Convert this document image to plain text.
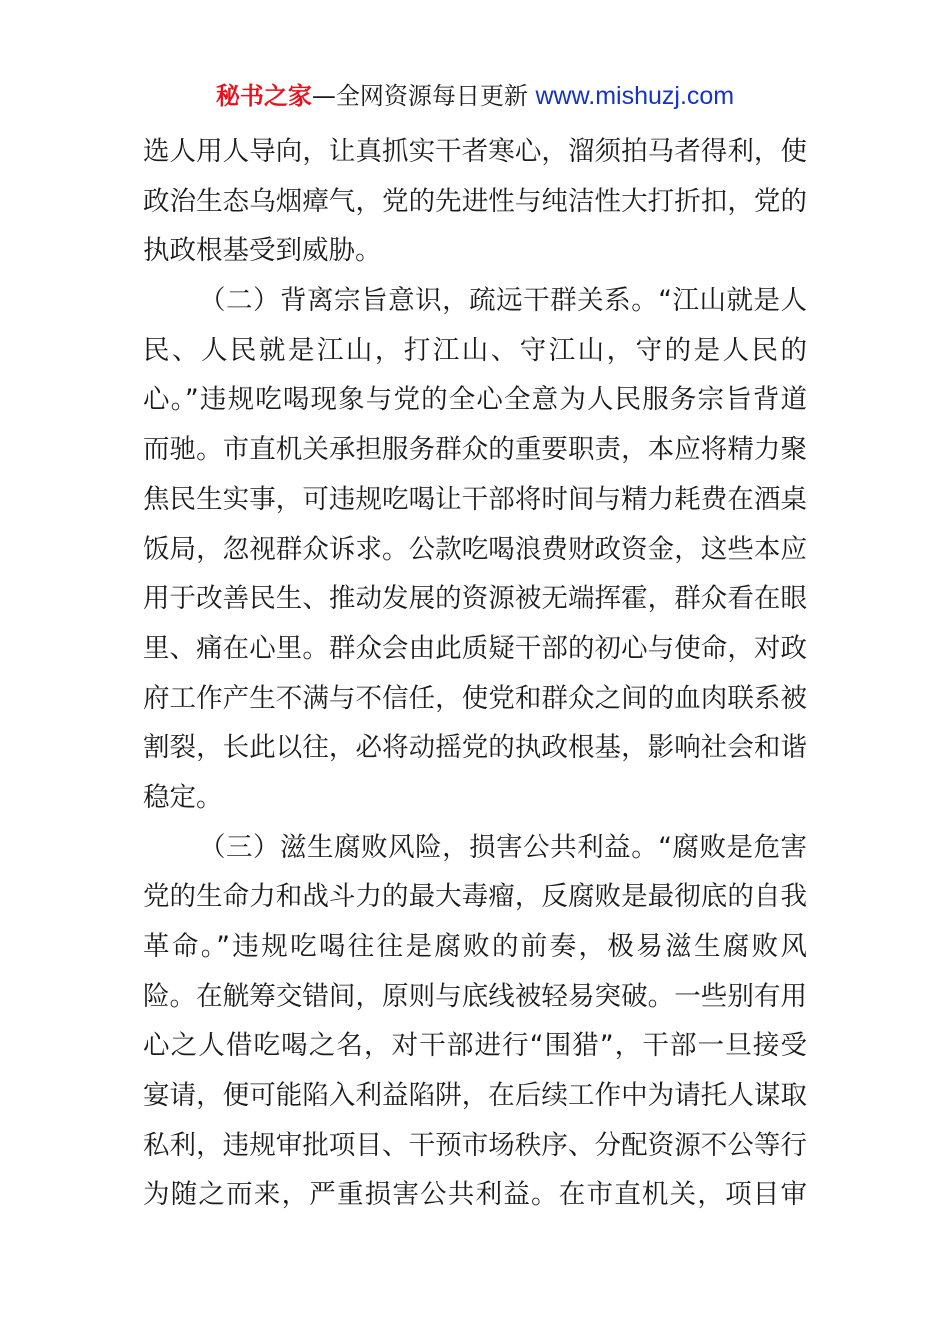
秘书之家—全网资源每日更新 www.mishuzj.com
选人用人导向，让真抓实干者寒心，溜须拍马者得利，使
政治生态乌烟瘴气，党的先进性与纯洁性大打折扣，党的
执政根基受到威胁。
（二）背离宗旨意识，疏远干群关系。“江山就是人
民、人民就是江山，打江山、守江山，守的是人民的
心。”违规吃喝现象与党的全心全意为人民服务宗旨背道
而驰。市直机关承担服务群众的重要职责，本应将精力聚
焦民生实事，可违规吃喝让干部将时间与精力耗费在酒桌
饭局，忽视群众诉求。公款吃喝浪费财政资金，这些本应
用于改善民生、推动发展的资源被无端挥霍，群众看在眼
里、痛在心里。群众会由此质疑干部的初心与使命，对政
府工作产生不满与不信任，使党和群众之间的血肉联系被
割裂，长此以往，必将动摇党的执政根基，影响社会和谐
稳定。
（三）滋生腐败风险，损害公共利益。“腐败是危害
党的生命力和战斗力的最大毒瘤，反腐败是最彻底的自我
革命。”违规吃喝往往是腐败的前奏，极易滋生腐败风
险。在觥筹交错间，原则与底线被轻易突破。一些别有用
心之人借吃喝之名，对干部进行“围猎”，干部一旦接受
宴请，便可能陷入利益陷阱，在后续工作中为请托人谋取
私利，违规审批项目、干预市场秩序、分配资源不公等行
为随之而来，严重损害公共利益。在市直机关，项目审
